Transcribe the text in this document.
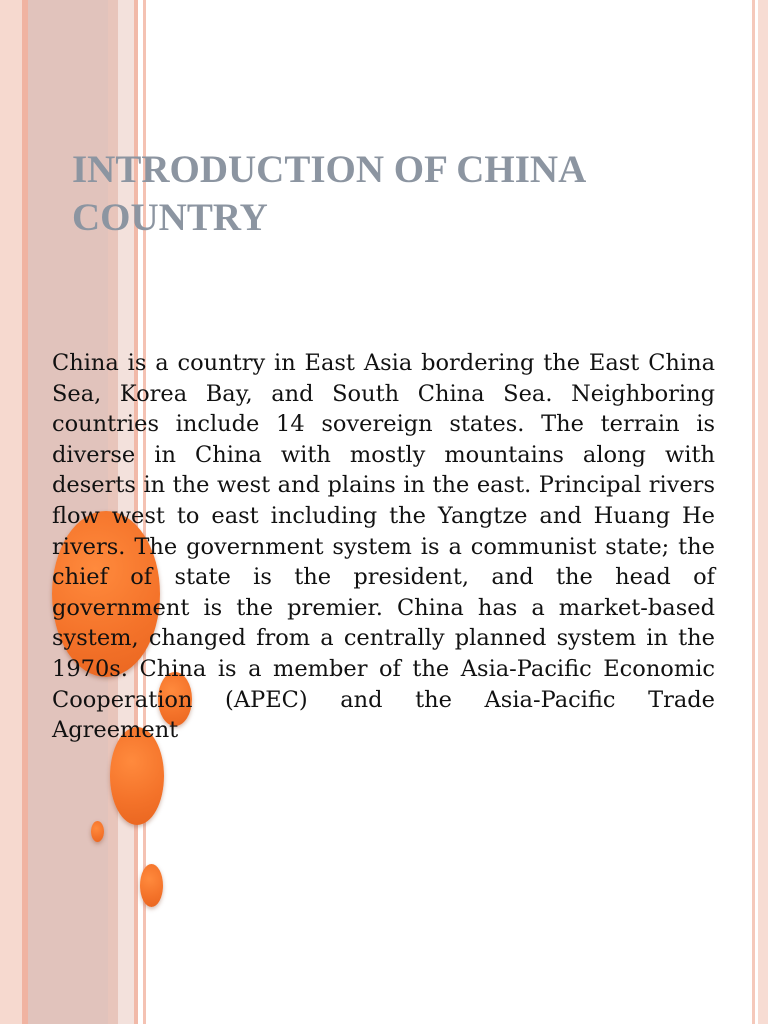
INTRODUCTION OF CHINA COUNTRY

China is a country in East Asia bordering the East China Sea, Korea Bay, and South China Sea. Neighboring countries include 14 sovereign states. The terrain is diverse in China with mostly mountains along with deserts in the west and plains in the east. Principal rivers flow west to east including the Yangtze and Huang He rivers. The government system is a communist state; the chief of state is the president, and the head of government is the premier. China has a market-based system, changed from a centrally planned system in the 1970s. China is a member of the Asia-Pacific Economic Cooperation (APEC) and the Asia-Pacific Trade Agreement
